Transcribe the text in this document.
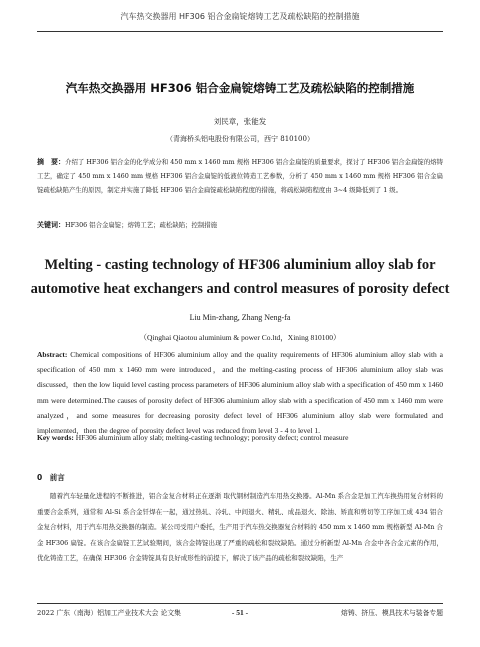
汽车热交换器用 HF306 铝合金扁锭熔铸工艺及疏松缺陷的控制措施
汽车热交换器用 HF306 铝合金扁锭熔铸工艺及疏松缺陷的控制措施
刘民章，张能发
（青海桥头铝电股份有限公司，西宁 810100）
摘　要：介绍了 HF306 铝合金的化学成分和 450 mm x 1460 mm 规格 HF306 铝合金扁锭的质量要求，探讨了 HF306 铝合金扁锭的熔铸工艺，确定了 450 mm x 1460 mm 规格 HF306 铝合金扁锭的低液位铸造工艺参数，分析了 450 mm x 1460 mm 规格 HF306 铝合金扁锭疏松缺陷产生的原因，制定并实施了降低 HF306 铝合金扁锭疏松缺陷程度的措施，将疏松缺陷程度由 3~4 级降低到了 1 级。
关键词：HF306 铝合金扁锭；熔铸工艺；疏松缺陷；控制措施
Melting - casting technology of HF306 aluminium alloy slab for automotive heat exchangers and control measures of porosity defect
Liu Min-zhang, Zhang Neng-fa
（Qinghai Qiaotou aluminium & power Co.ltd，Xining 810100）
Abstract: Chemical compositions of HF306 aluminium alloy and the quality requirements of HF306 aluminium alloy slab with a specification of 450 mm x 1460 mm were introduced，and the melting-casting process of HF306 aluminium alloy slab was discussed，then the low liquid level casting process parameters of HF306 aluminium alloy slab with a specification of 450 mm x 1460 mm were determined.The causes of porosity defect of HF306 aluminium alloy slab with a specification of 450 mm x 1460 mm were analyzed，and some measures for decreasing porosity defect level of HF306 aluminium alloy slab were formulated and implemented，then the degree of porosity defect level was reduced from level 3 - 4 to level 1.
Key words: HF306 aluminium alloy slab; melting-casting technology; porosity defect; control measure
0　前言
随着汽车轻量化进程的不断推进，铝合金复合材料正在逐渐 取代钢材制造汽车用热交换器。Al-Mn 系合金是加工汽车换热用复合材料的重要合金系列，通常和 Al-Si 系合金钎焊在一起，通过热轧、冷轧、中间退火、精轧、成品退火、除油、矫直和剪切等工序加工成 434 铝合金复合材料，用于汽车用热交换器的制造。某公司受用户委托，生产用于汽车热交换器复合材料的 450 mm x 1460 mm 规格新型 Al-Mn 合金 HF306 扁锭。在该合金扁锭工艺试验期间，该合金铸锭出现了严重的疏松和裂纹缺陷。通过分析新型 Al-Mn 合金中各合金元素的作用，优化铸造工艺，在确保 HF306 合金铸锭具有良好成形性的前提下，解决了该产品的疏松和裂纹缺陷，生产
2022 广东（南海）铝加工产业技术大会 论文集	- 51 -	熔铸、挤压、模具技术与装备专题
